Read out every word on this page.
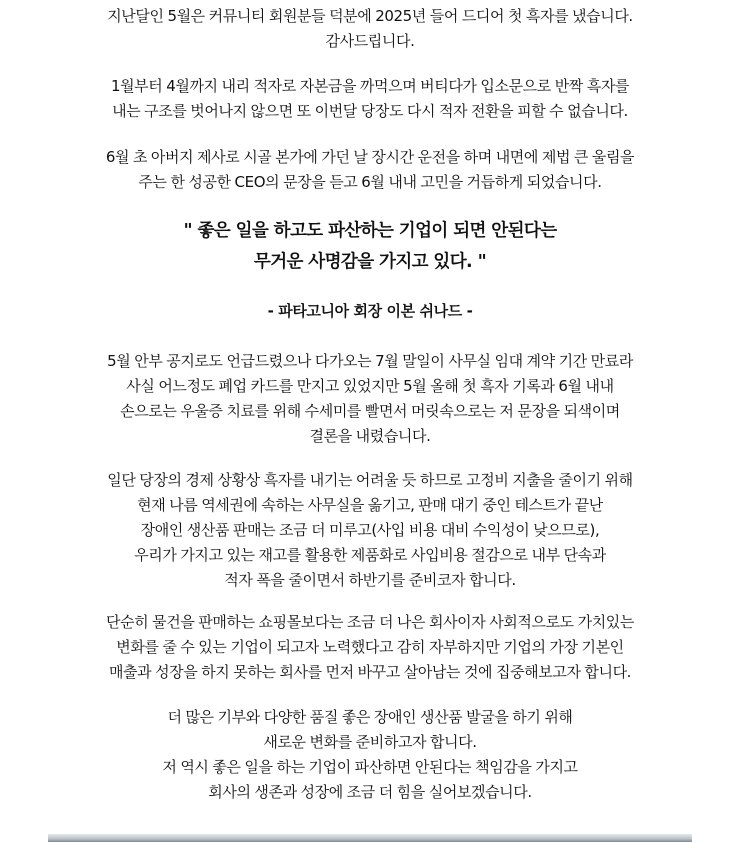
지난달인 5월은 커뮤니티 회원분들 덕분에 2025년 들어 드디어 첫 흑자를 냈습니다.
감사드립니다.

1월부터 4월까지 내리 적자로 자본금을 까먹으며 버티다가 입소문으로 반짝 흑자를
내는 구조를 벗어나지 않으면 또 이번달 당장도 다시 적자 전환을 피할 수 없습니다.

6월 초 아버지 제사로 시골 본가에 가던 날 장시간 운전을 하며 내면에 제법 큰 울림을
주는 한 성공한 CEO의 문장을 듣고 6월 내내 고민을 거듭하게 되었습니다.

" 좋은 일을 하고도 파산하는 기업이 되면 안된다는
무거운 사명감을 가지고 있다. "

- 파타고니아 회장 이본 쉬나드 -

5월 안부 공지로도 언급드렸으나 다가오는 7월 말일이 사무실 임대 계약 기간 만료라
사실 어느정도 폐업 카드를 만지고 있었지만 5월 올해 첫 흑자 기록과 6월 내내
손으로는 우울증 치료를 위해 수세미를 빨면서 머릿속으로는 저 문장을 되색이며
결론을 내렸습니다.

일단 당장의 경제 상황상 흑자를 내기는 어려울 듯 하므로 고정비 지출을 줄이기 위해
현재 나름 역세권에 속하는 사무실을 옮기고, 판매 대기 중인 테스트가 끝난
장애인 생산품 판매는 조금 더 미루고(사입 비용 대비 수익성이 낮으므로),
우리가 가지고 있는 재고를 활용한 제품화로 사입비용 절감으로 내부 단속과
적자 폭을 줄이면서 하반기를 준비코자 합니다.

단순히 물건을 판매하는 쇼핑몰보다는 조금 더 나은 회사이자 사회적으로도 가치있는
변화를 줄 수 있는 기업이 되고자 노력했다고 감히 자부하지만 기업의 가장 기본인
매출과 성장을 하지 못하는 회사를 먼저 바꾸고 살아남는 것에 집중해보고자 합니다.

더 많은 기부와 다양한 품질 좋은 장애인 생산품 발굴을 하기 위해
새로운 변화를 준비하고자 합니다.
저 역시 좋은 일을 하는 기업이 파산하면 안된다는 책임감을 가지고
회사의 생존과 성장에 조금 더 힘을 실어보겠습니다.
